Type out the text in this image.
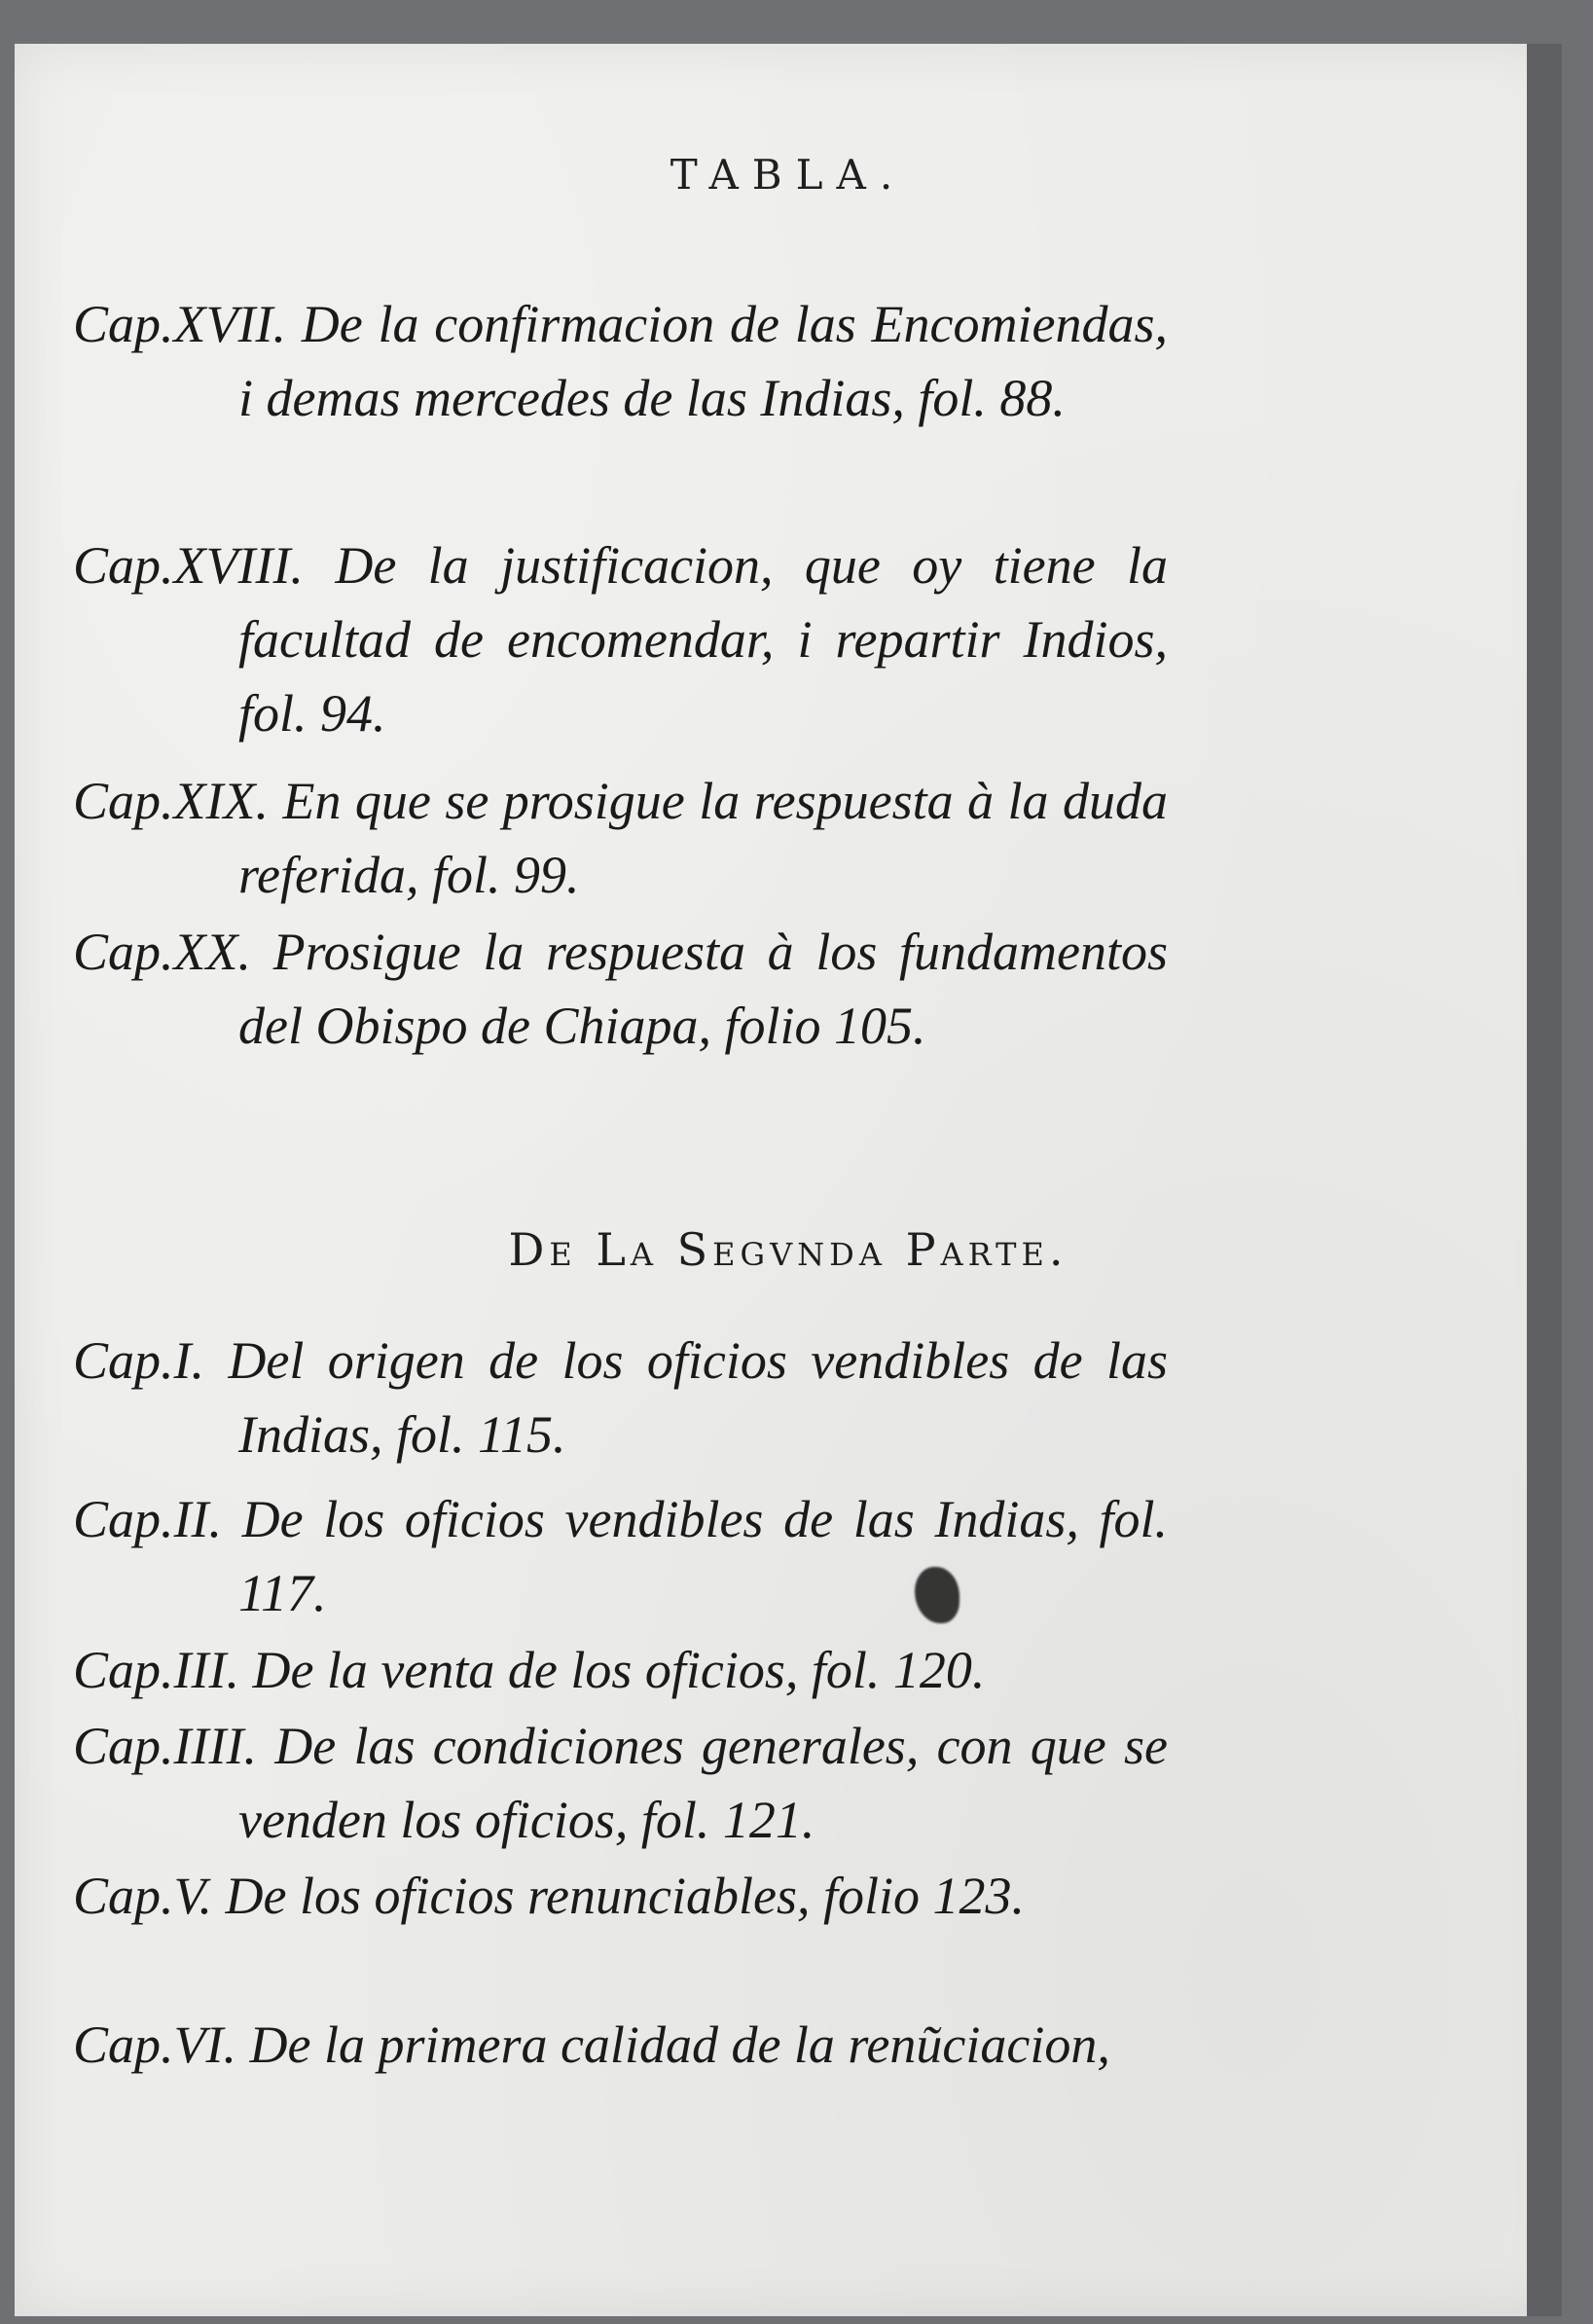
TABLA.
Cap.XVII. De la confirmacion de las Encomiendas, i demas mercedes de las Indias, fol. 88.
Cap.XVIII. De la justificacion, que oy tiene la facultad de encomendar, i repartir Indios, fol. 94.
Cap.XIX. En que se prosigue la respuesta à la duda referida, fol. 99.
Cap.XX. Prosigue la respuesta à los fundamentos del Obispo de Chiapa, folio 105.
De La Segvnda Parte.
Cap.I. Del origen de los oficios vendibles de las Indias, fol. 115.
Cap.II. De los oficios vendibles de las Indias, fol. 117.
Cap.III. De la venta de los oficios, fol. 120.
Cap.IIII. De las condiciones generales, con que se venden los oficios, fol. 121.
Cap.V. De los oficios renunciables, folio 123.
Cap.VI. De la primera calidad de la renũciacion,
